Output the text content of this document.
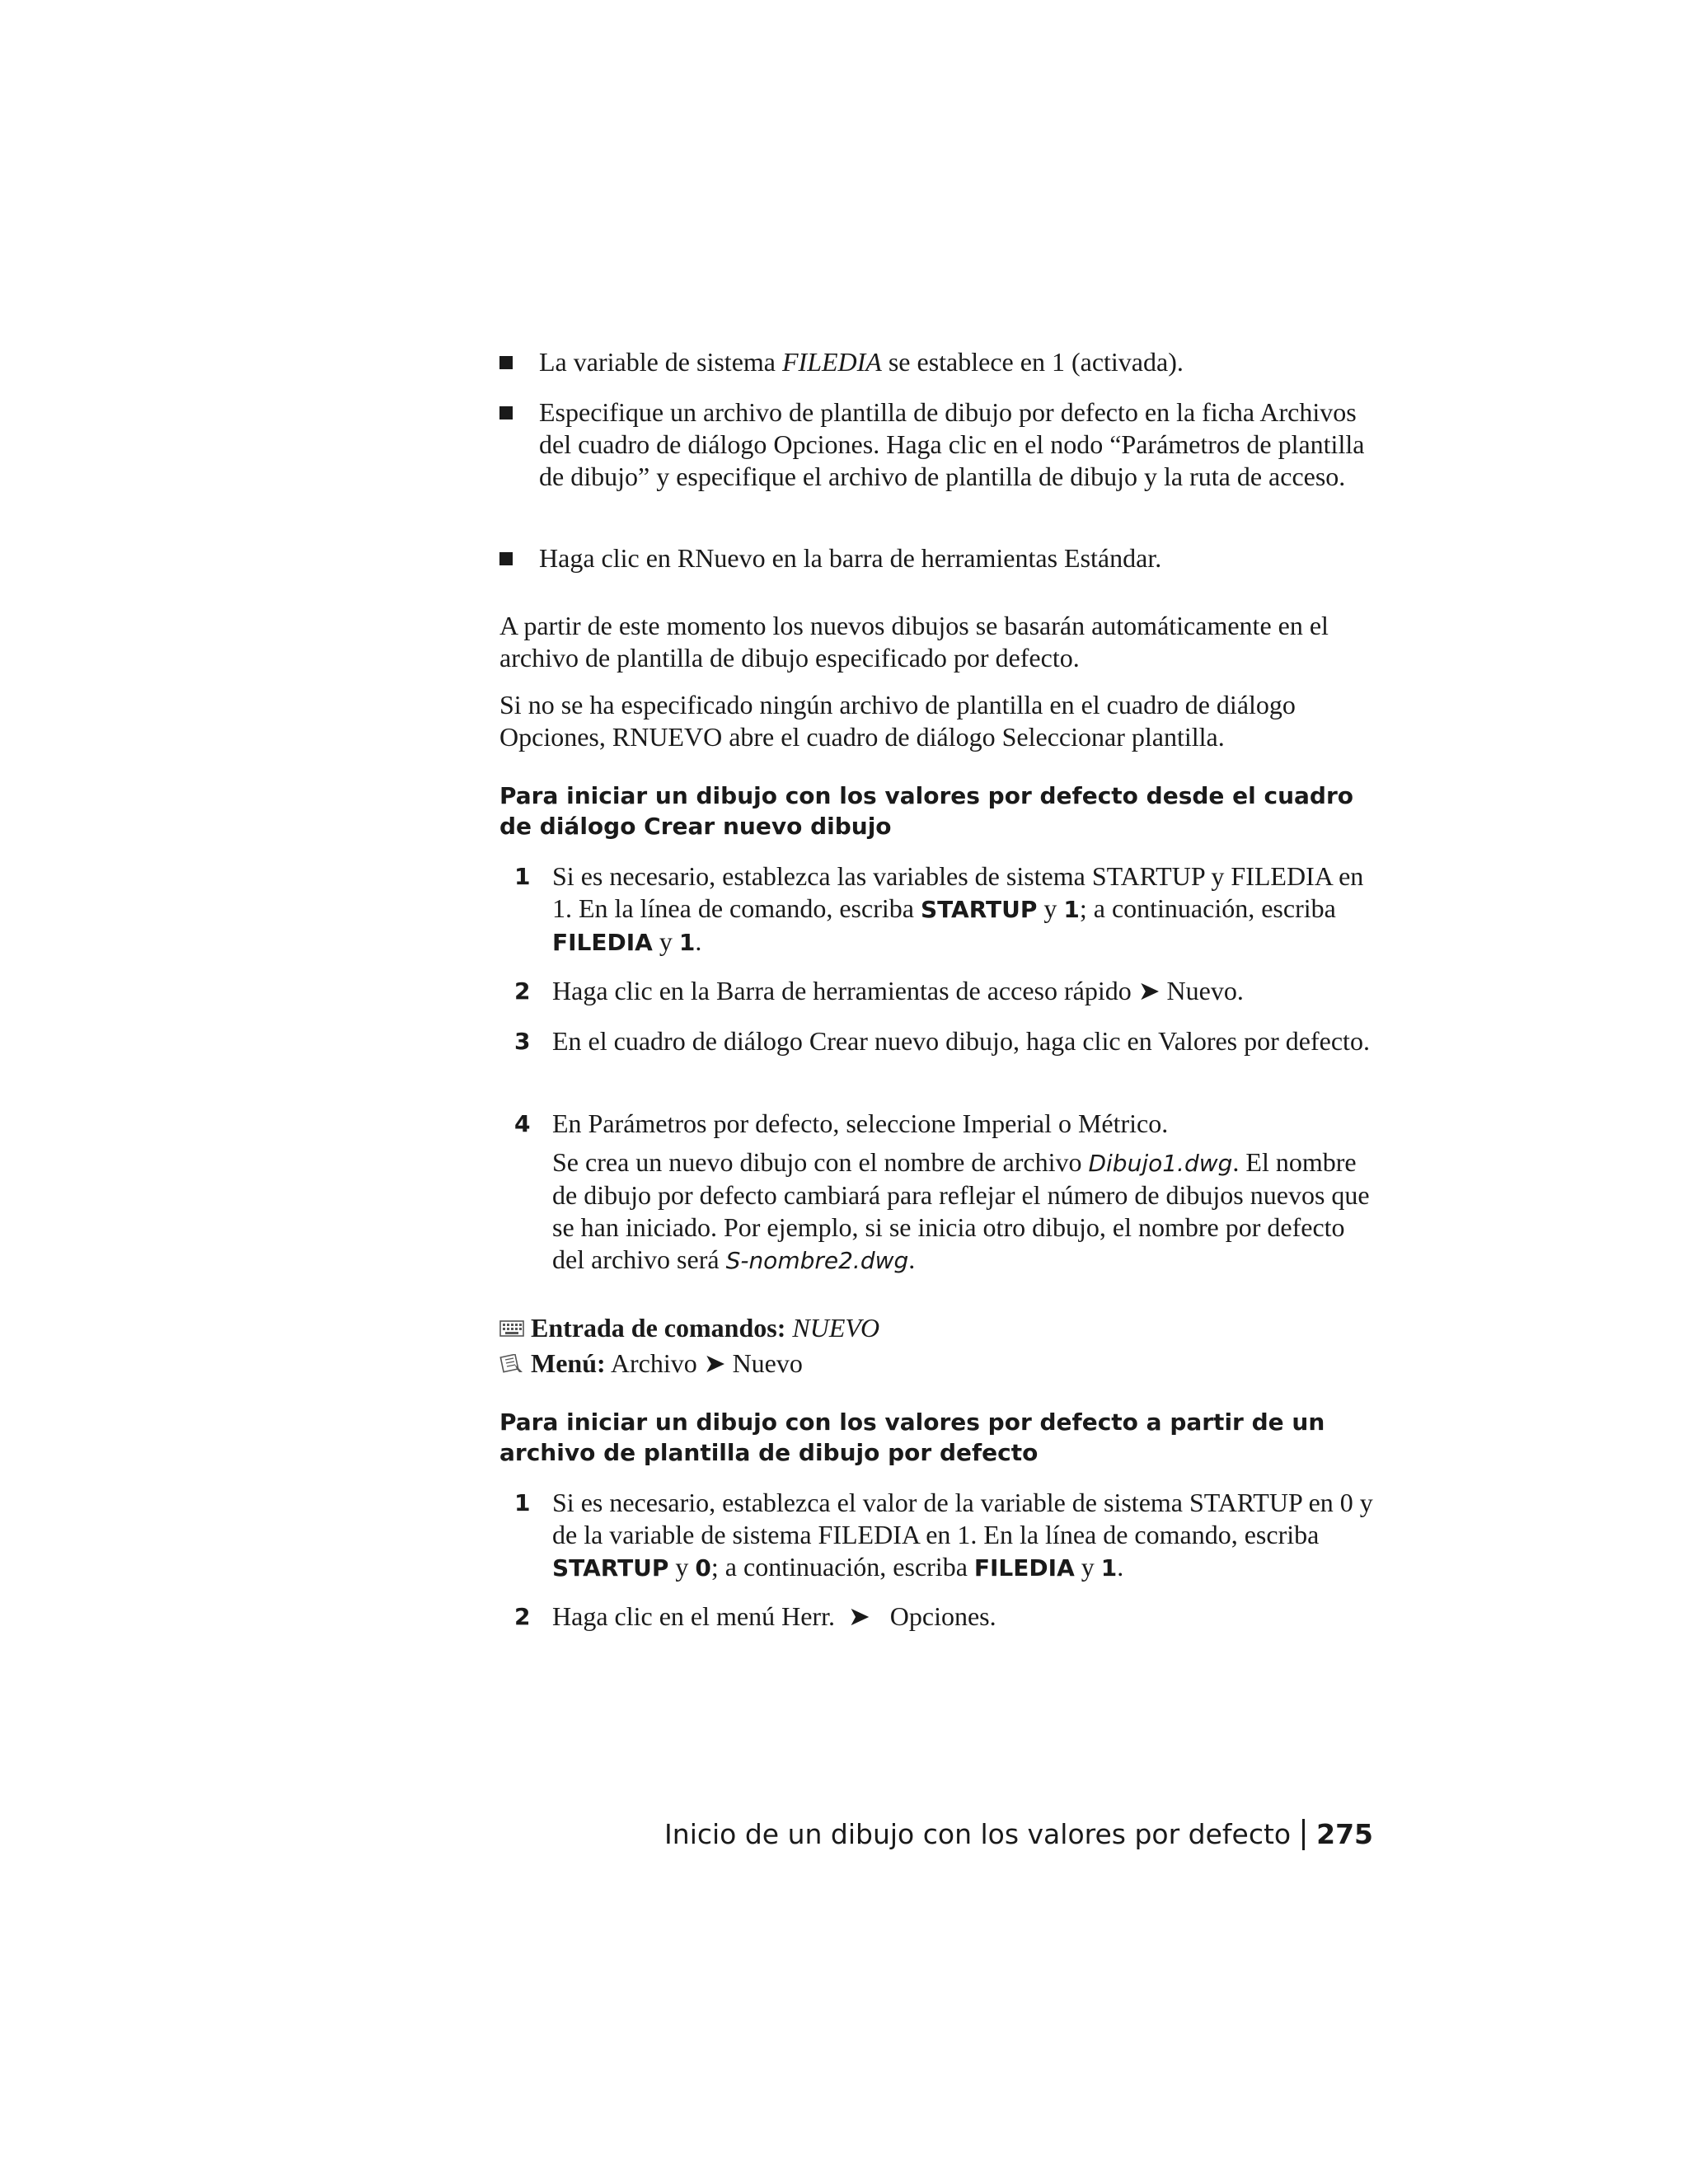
La variable de sistema FILEDIA se establece en 1 (activada).
Especifique un archivo de plantilla de dibujo por defecto en la ficha Archivos del cuadro de diálogo Opciones. Haga clic en el nodo “Parámetros de plantilla de dibujo” y especifique el archivo de plantilla de dibujo y la ruta de acceso.
Haga clic en RNuevo en la barra de herramientas Estándar.
A partir de este momento los nuevos dibujos se basarán automáticamente en el archivo de plantilla de dibujo especificado por defecto.
Si no se ha especificado ningún archivo de plantilla en el cuadro de diálogo Opciones, RNUEVO abre el cuadro de diálogo Seleccionar plantilla.
Para iniciar un dibujo con los valores por defecto desde el cuadro de diálogo Crear nuevo dibujo
1 Si es necesario, establezca las variables de sistema STARTUP y FILEDIA en 1. En la línea de comando, escriba STARTUP y 1; a continuación, escriba FILEDIA y 1.
2 Haga clic en la Barra de herramientas de acceso rápido ➤ Nuevo.
3 En el cuadro de diálogo Crear nuevo dibujo, haga clic en Valores por defecto.
4 En Parámetros por defecto, seleccione Imperial o Métrico.
Se crea un nuevo dibujo con el nombre de archivo Dibujo1.dwg. El nombre de dibujo por defecto cambiará para reflejar el número de dibujos nuevos que se han iniciado. Por ejemplo, si se inicia otro dibujo, el nombre por defecto del archivo será S-nombre2.dwg.
Entrada de comandos: NUEVO
Menú: Archivo ➤ Nuevo
Para iniciar un dibujo con los valores por defecto a partir de un archivo de plantilla de dibujo por defecto
1 Si es necesario, establezca el valor de la variable de sistema STARTUP en 0 y de la variable de sistema FILEDIA en 1. En la línea de comando, escriba STARTUP y 0; a continuación, escriba FILEDIA y 1.
2 Haga clic en el menú Herr.  ➤   Opciones.
Inicio de un dibujo con los valores por defecto 275
